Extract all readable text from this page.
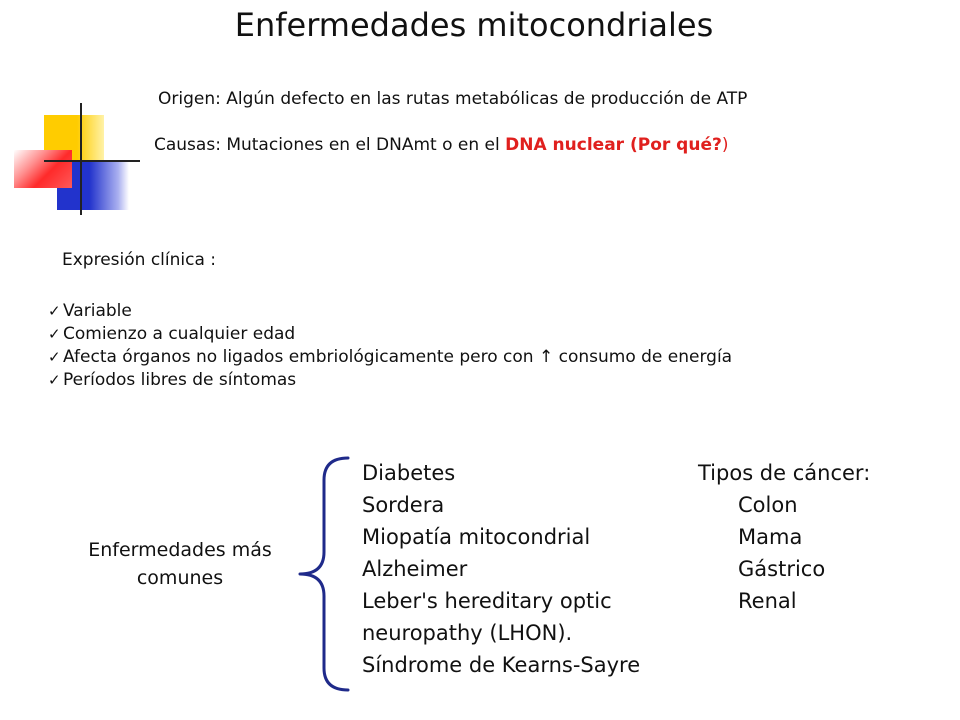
Enfermedades mitocondriales
Origen: Algún defecto en las rutas metabólicas de producción de ATP
Causas: Mutaciones en el DNAmt o en el DNA nuclear (Por qué?)
Expresión clínica :
✓ Variable
✓ Comienzo a cualquier edad
✓ Afecta órganos no ligados embriológicamente pero con ↑ consumo de energía
✓ Períodos libres de síntomas
Enfermedades más
comunes
Diabetes
Sordera
Miopatía mitocondrial
Alzheimer
Leber's hereditary optic
neuropathy (LHON).
Síndrome de Kearns-Sayre
Tipos de cáncer:
Colon
Mama
Gástrico
Renal
